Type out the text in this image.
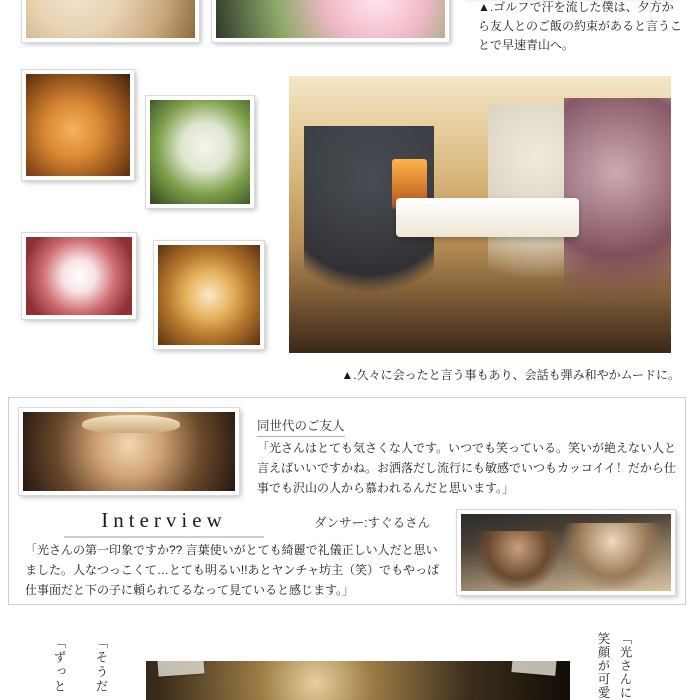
▲.ゴルフで汗を流した僕は、夕方から友人とのご飯の約束があると言うことで早速青山へ。
▲.久々に会ったと言う事もあり、会話も弾み和やかムードに。
同世代のご友人
「光さんはとても気さくな人です。いつでも笑っている。笑いが絶えない人と言えばいいですかね。お洒落だし流行にも敏感でいつもカッコイイ！だから仕事でも沢山の人から慕われるんだと思います。」
Interview	ダンサー:すぐるさん
「光さんの第一印象ですか?? 言葉使いがとても綺麗で礼儀正しい人だと思いました。人なつっこくて…とても明るい!!あとヤンチャ坊主（笑）でもやっぱ仕事面だと下の子に頼られてるなって見ていると感じます。」
「ずっと	「そうだ	「光さんに笑顔が可愛
